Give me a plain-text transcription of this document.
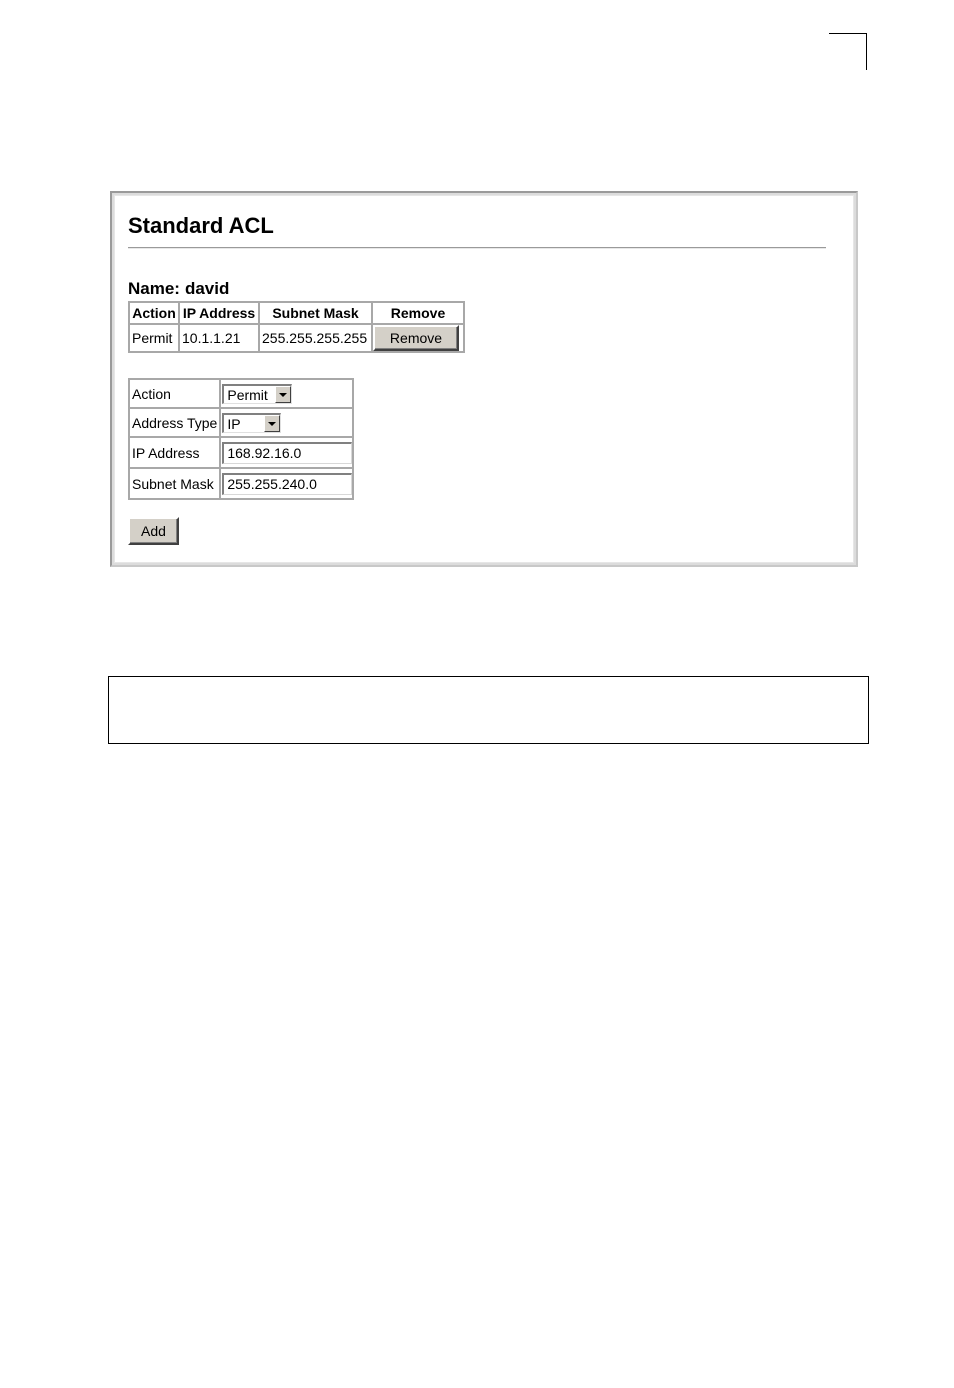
Standard ACL
Name: david
Action	IP Address	Subnet Mask	Remove
Permit	10.1.1.21	255.255.255.255	Remove
Action	Permit

Address Type	IP

IP Address	168.92.16.0
Subnet Mask	255.255.240.0
Add
